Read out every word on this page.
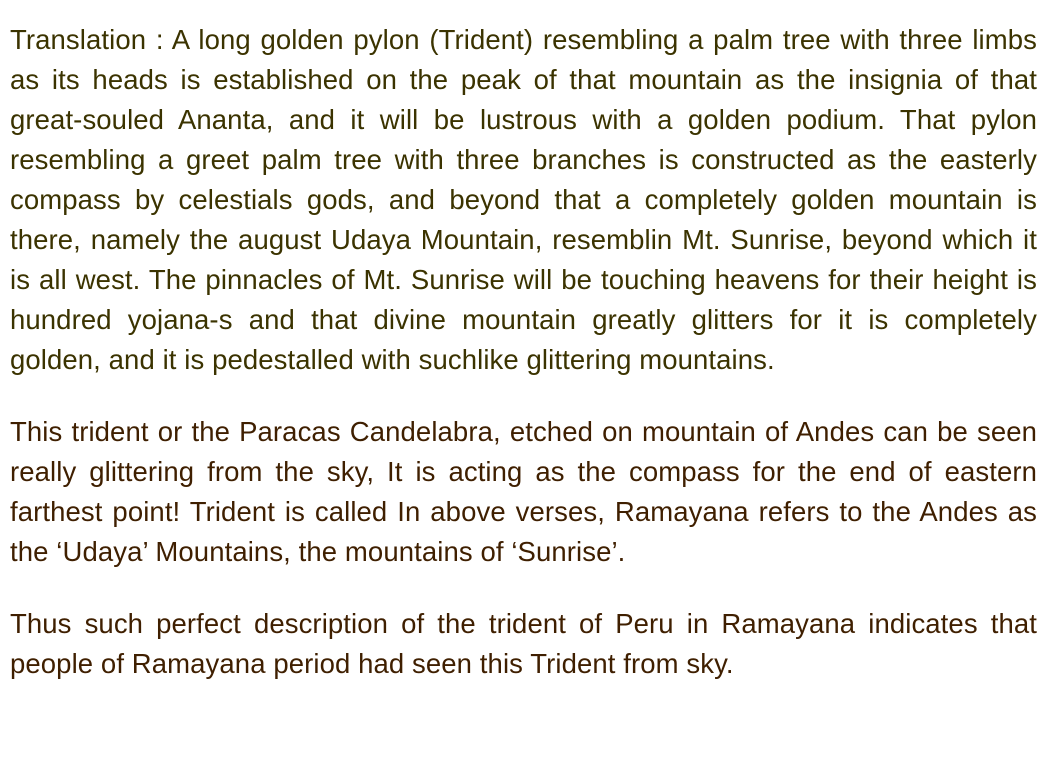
Translation : A long golden pylon (Trident) resembling a palm tree with three limbs as its heads is established on the peak of that mountain as the insignia of that great-souled Ananta, and it will be lustrous with a golden podium. That pylon resembling a greet palm tree with three branches is constructed as the easterly compass by celestials gods, and beyond that a completely golden mountain is there, namely the august Udaya Mountain, resemblin Mt. Sunrise, beyond which it is all west. The pinnacles of Mt. Sunrise will be touching heavens for their height is hundred yojana-s and that divine mountain greatly glitters for it is completely golden, and it is pedestalled with suchlike glittering mountains.

This trident or the Paracas Candelabra, etched on mountain of Andes can be seen really glittering from the sky, It is acting as the compass for the end of eastern farthest point! Trident is called In above verses, Ramayana refers to the Andes as the ‘Udaya’ Mountains, the mountains of ‘Sunrise’.

Thus such perfect description of the trident of Peru in Ramayana indicates that people of Ramayana period had seen this Trident from sky.
